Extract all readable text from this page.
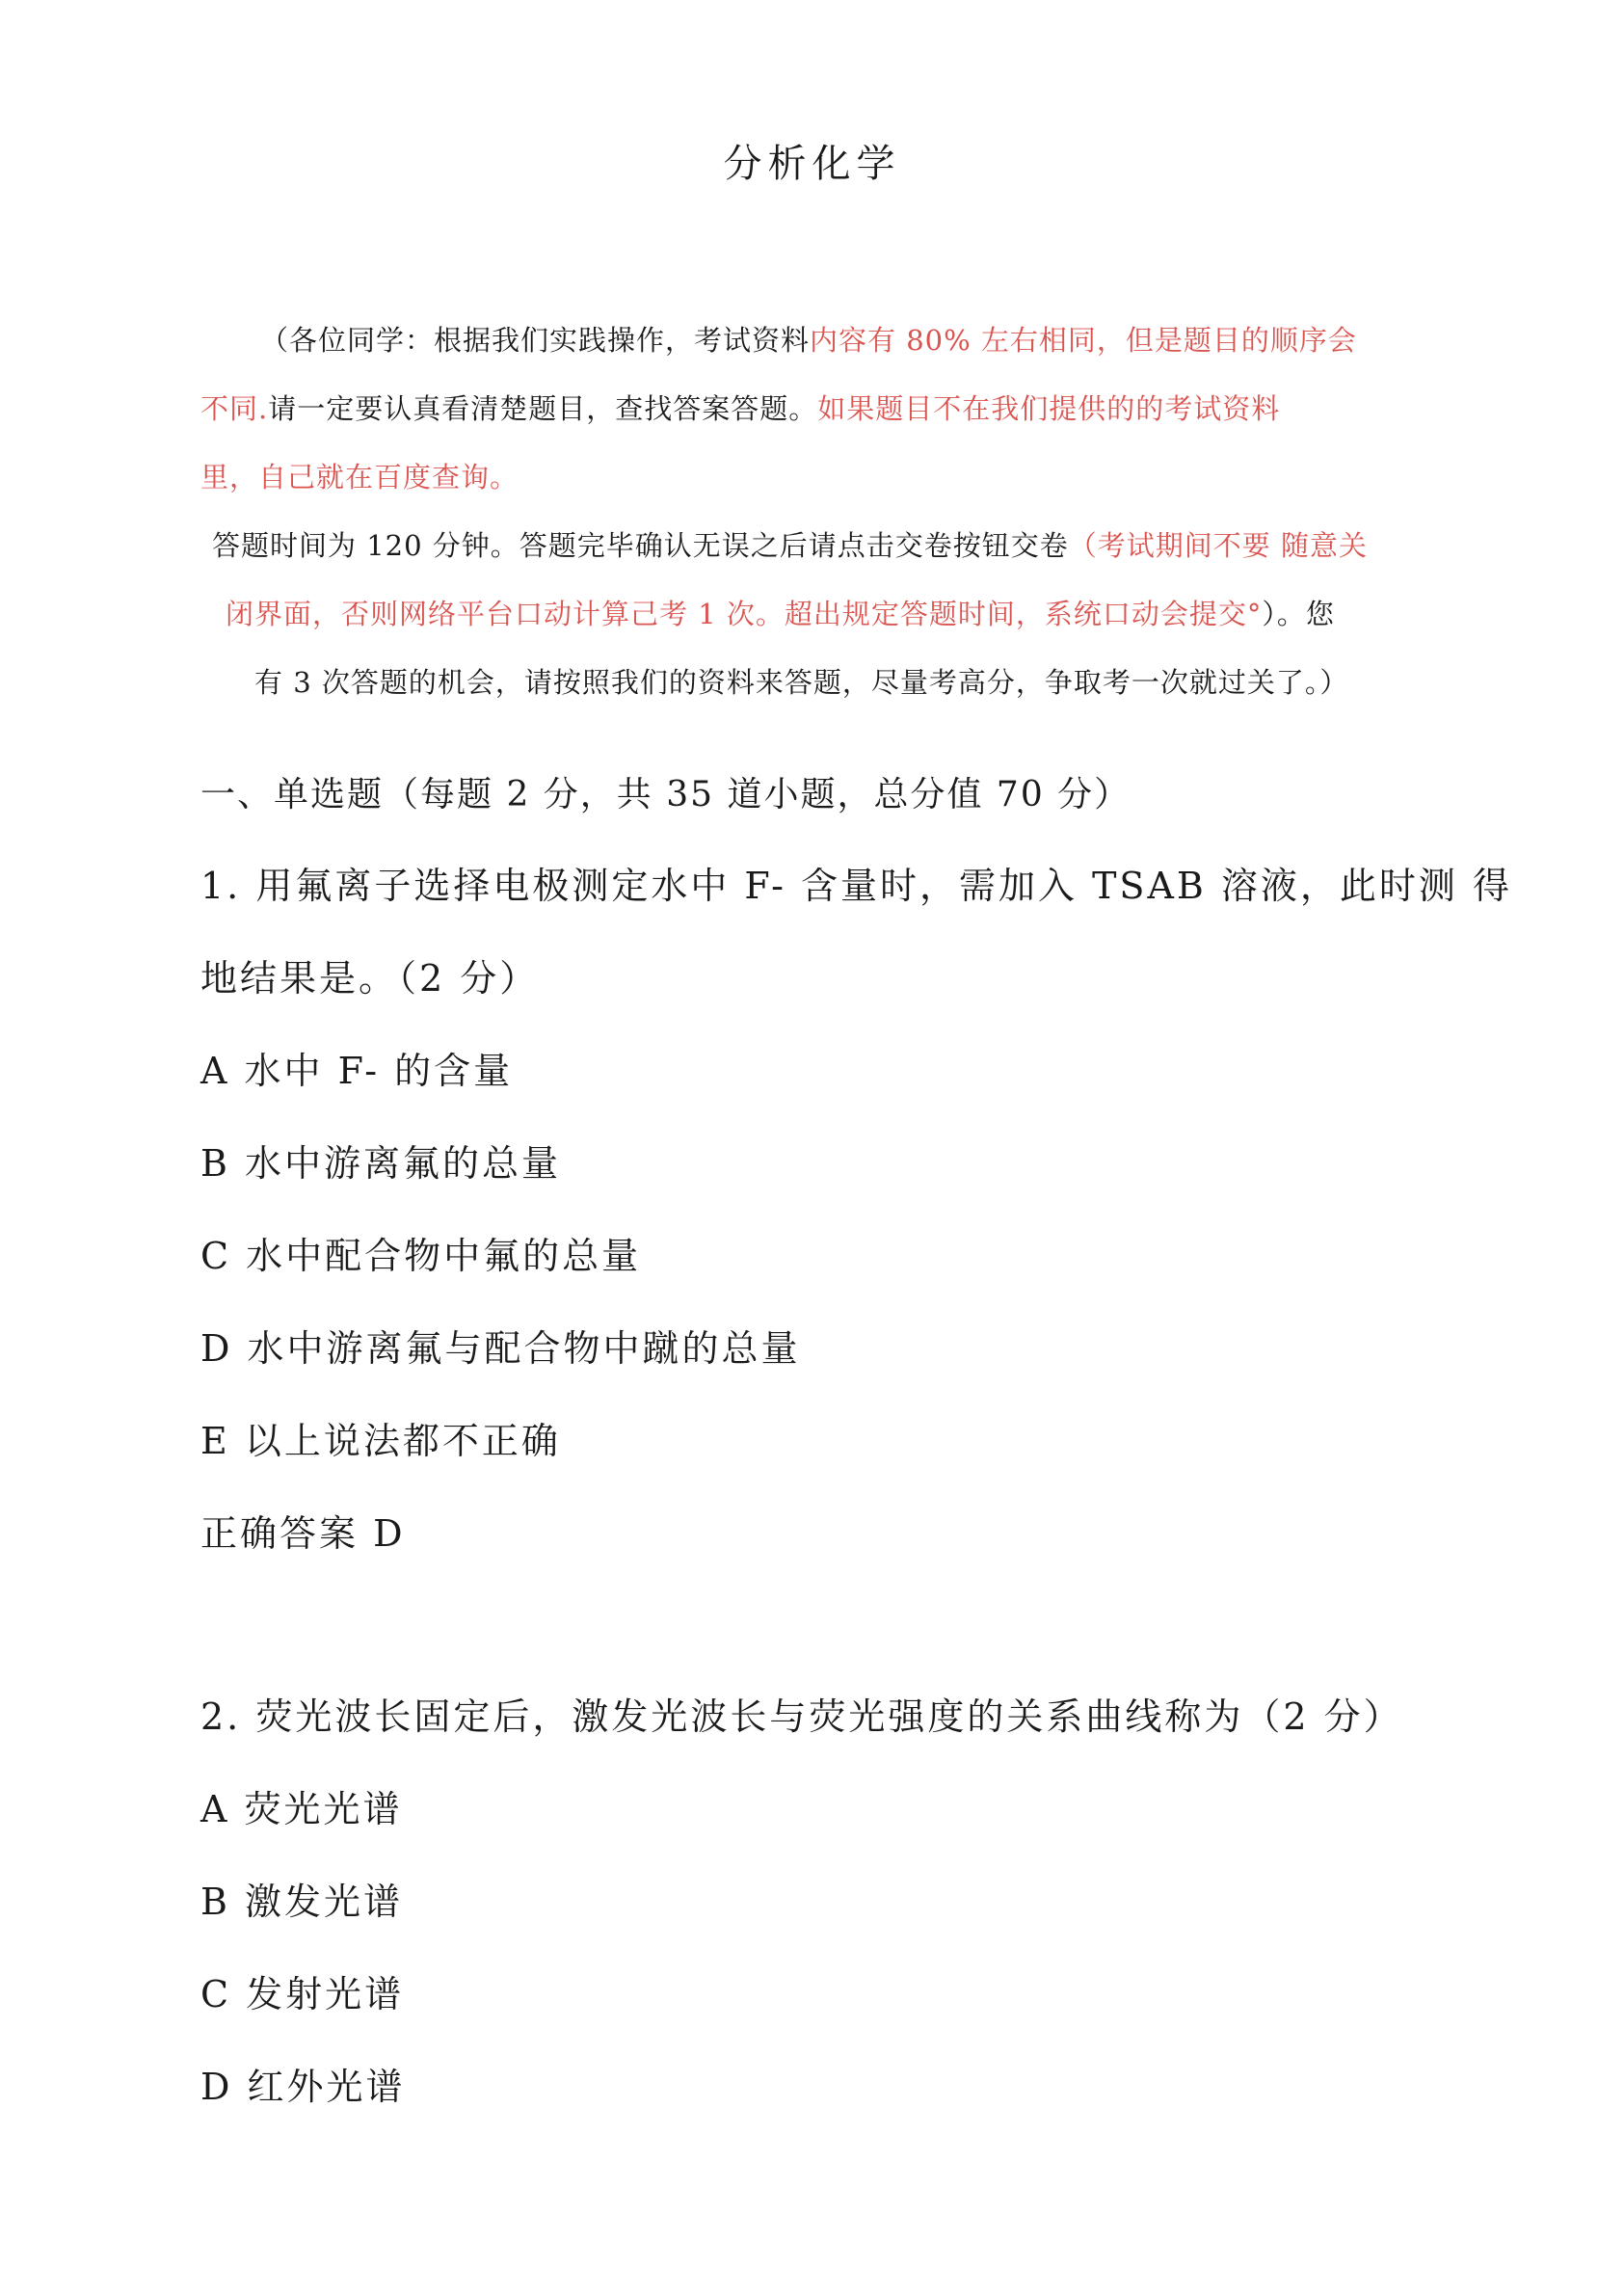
分析化学
（各位同学：根据我们实践操作，考试资料内容有 80% 左右相同，但是题目的顺序会
不同.请一定要认真看清楚题目，查找答案答题。如果题目不在我们提供的的考试资料
里，自己就在百度查询。
答题时间为 120 分钟。答题完毕确认无误之后请点击交卷按钮交卷（考试期间不要 随意关
闭界面，否则网络平台口动计算己考 1 次。超出规定答题时间，系统口动会提交°）。您
有 3 次答题的机会，请按照我们的资料来答题，尽量考高分，争取考一次就过关了。）
一、单选题（每题 2 分，共 35 道小题，总分值 70 分）
1. 用氟离子选择电极测定水中 F- 含量时，需加入 TSAB 溶液，此时测 得
地结果是。（2 分）
A 水中 F- 的含量
B 水中游离氟的总量
C 水中配合物中氟的总量
D 水中游离氟与配合物中蹴的总量
E 以上说法都不正确
正确答案 D
2. 荧光波长固定后，激发光波长与荧光强度的关系曲线称为（2 分）
A 荧光光谱
B 激发光谱
C 发射光谱
D 红外光谱
